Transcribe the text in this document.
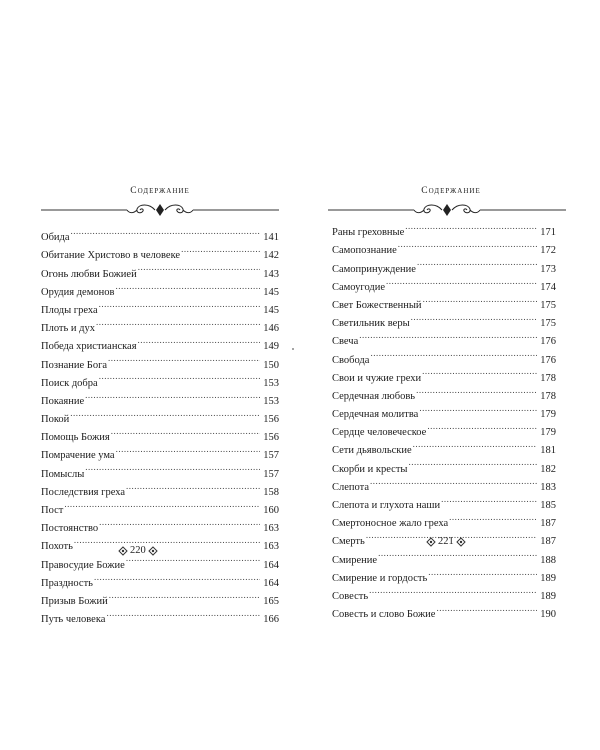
Содержание
Обида .....	141
Обитание Христово в человеке .....	142
Огонь любви Божией .....	143
Орудия демонов .....	145
Плоды греха .....	145
Плоть и дух .....	146
Победа христианская .....	149
Познание Бога .....	150
Поиск добра .....	153
Покаяние .....	153
Покой .....	156
Помощь Божия .....	156
Помрачение ума .....	157
Помыслы .....	157
Последствия греха .....	158
Пост .....	160
Постоянство .....	163
Похоть .....	163
Правосудие Божие .....	164
Праздность .....	164
Призыв Божий .....	165
Путь человека .....	166
220
Содержание
Раны греховные .....	171
Самопознание .....	172
Самопринуждение .....	173
Самоугодие .....	174
Свет Божественный .....	175
Светильник веры .....	175
Свеча .....	176
Свобода .....	176
Свои и чужие грехи .....	178
Сердечная любовь .....	178
Сердечная молитва .....	179
Сердце человеческое .....	179
Сети дьявольские .....	181
Скорби и кресты .....	182
Слепота .....	183
Слепота и глухота наши .....	185
Смертоносное жало греха .....	187
Смерть .....	187
Смирение .....	188
Смирение и гордость .....	189
Совесть .....	189
Совесть и слово Божие .....	190
221
